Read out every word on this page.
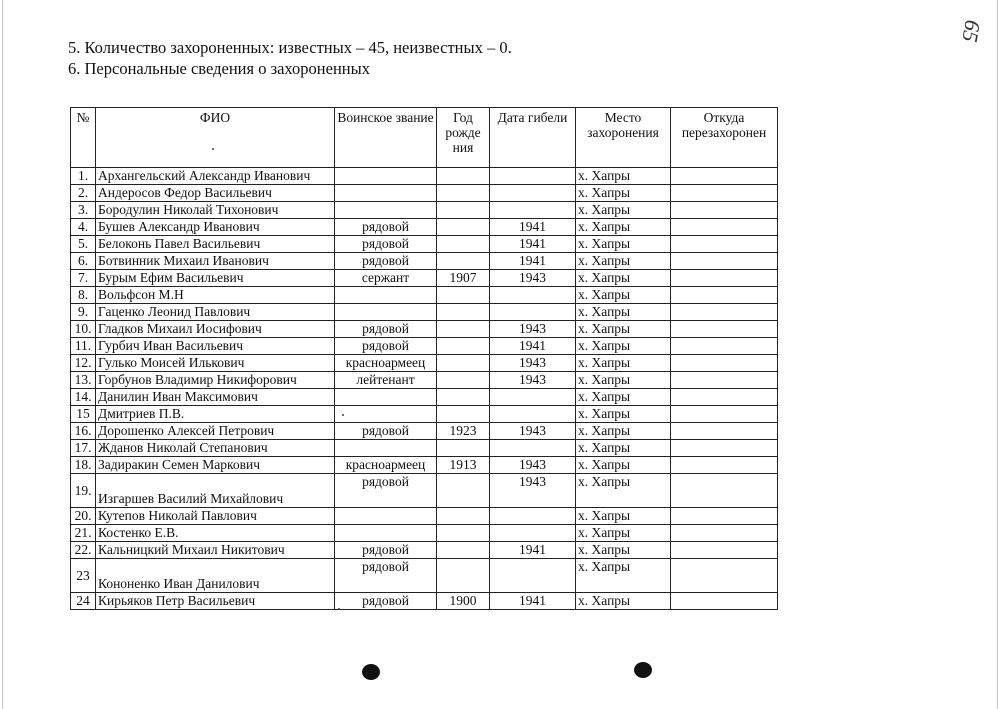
65
5. Количество захороненных: известных – 45, неизвестных – 0.
6. Персональные сведения о захороненных
№	ФИО	Воинское звание	Год рожде ния	Дата гибели	Место захоронения	Откуда перезахоронен
1.	Архангельский Александр Иванович				х. Хапры	
2.	Андеросов Федор Васильевич				х. Хапры	
3.	Бородулин Николай Тихонович				х. Хапры	
4.	Бушев Александр Иванович	рядовой		1941	х. Хапры	
5.	Белоконь Павел Васильевич	рядовой		1941	х. Хапры	
6.	Ботвинник Михаил Иванович	рядовой		1941	х. Хапры	
7.	Бурым Ефим Васильевич	сержант	1907	1943	х. Хапры	
8.	Вольфсон М.Н				х. Хапры	
9.	Гаценко Леонид Павлович				х. Хапры	
10.	Гладков Михаил Иосифович	рядовой		1943	х. Хапры	
11.	Гурбич Иван Васильевич	рядовой		1941	х. Хапры	
12.	Гулько Моисей Илькович	красноармеец		1943	х. Хапры	
13.	Горбунов Владимир Никифорович	лейтенант		1943	х. Хапры	
14.	Данилин Иван Максимович				х. Хапры	
15	Дмитриев П.В.				х. Хапры	
16.	Дорошенко Алексей Петрович	рядовой	1923	1943	х. Хапры	
17.	Жданов Николай Степанович				х. Хапры	
18.	Задиракин Семен Маркович	красноармеец	1913	1943	х. Хапры	
19.	Изгаршев Василий Михайлович	рядовой		1943	х. Хапры	
20.	Кутепов Николай Павлович				х. Хапры	
21.	Костенко Е.В.				х. Хапры	
22.	Кальницкий Михаил Никитович	рядовой		1941	х. Хапры	
23	Кононенко Иван Данилович	рядовой			х. Хапры	
24	Кирьяков Петр Васильевич	рядовой	1900	1941	х. Хапры	
